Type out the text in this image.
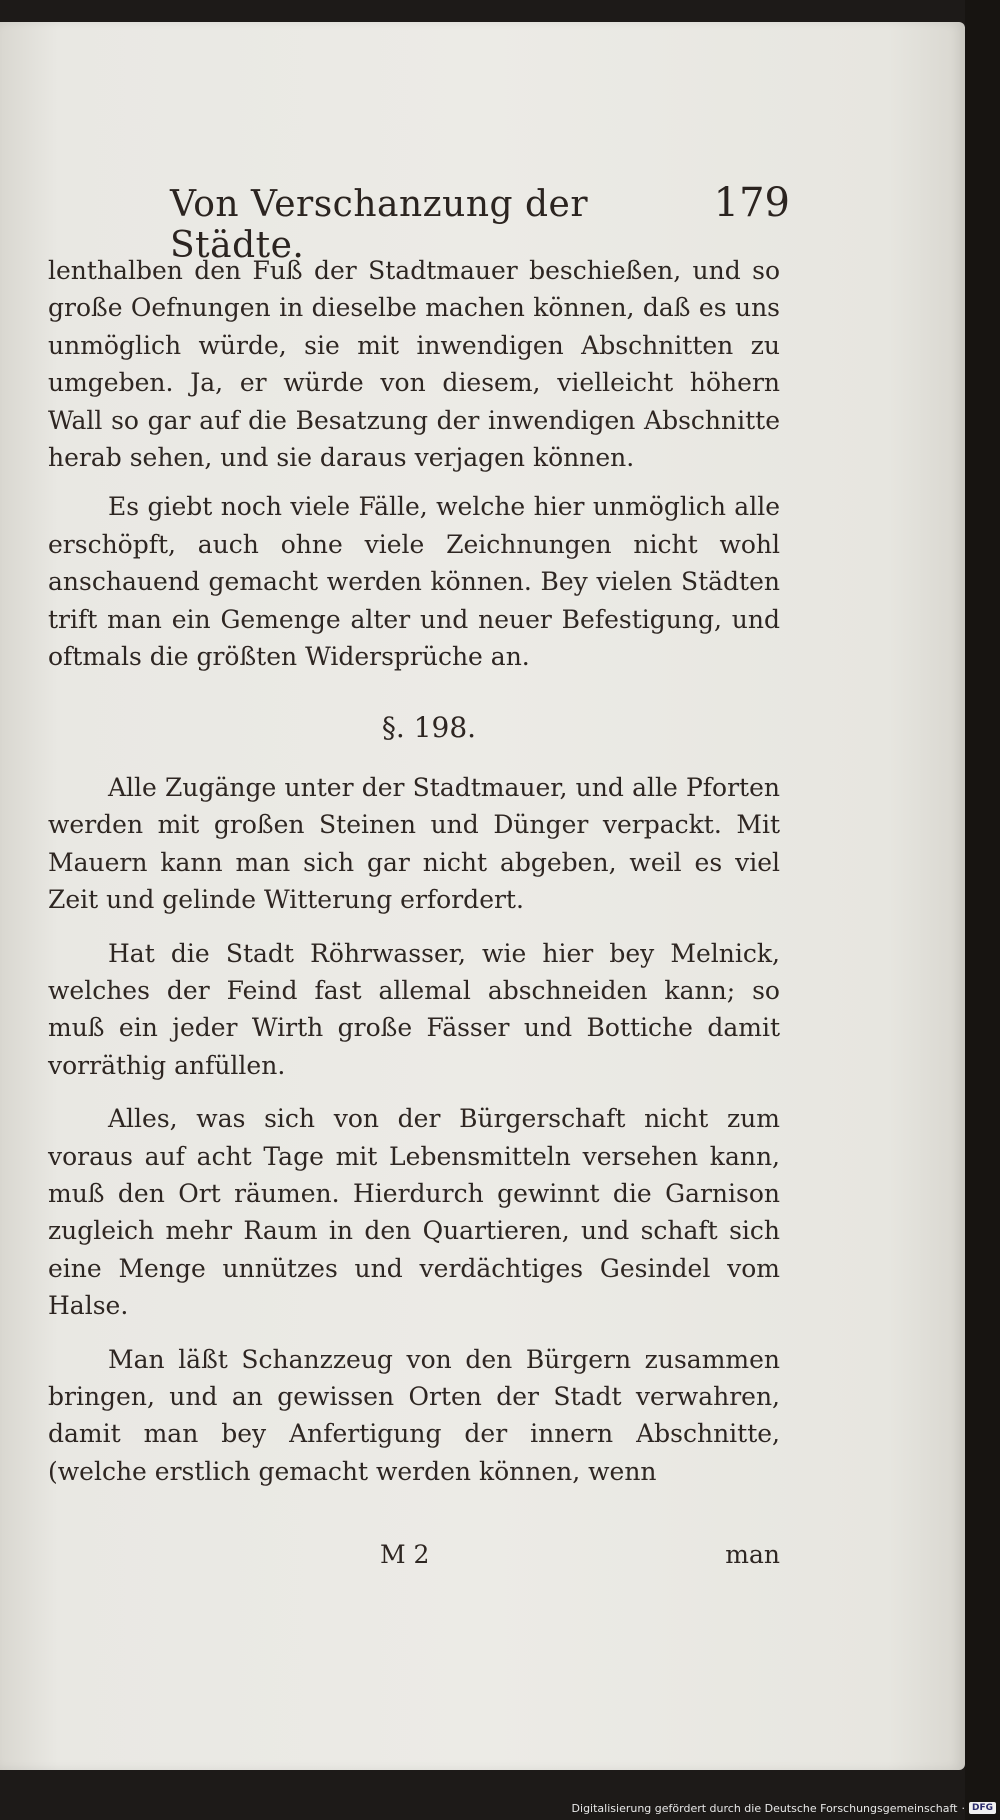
Von Verschanzung der Städte.
179

lenthalben den Fuß der Stadtmauer beschießen, und so große Oefnungen in dieselbe machen können, daß es uns unmöglich würde, sie mit inwendigen Abschnitten zu umgeben. Ja, er würde von diesem, vielleicht höhern Wall so gar auf die Besatzung der inwendigen Abschnitte herab sehen, und sie daraus verjagen können.

Es giebt noch viele Fälle, welche hier unmöglich alle erschöpft, auch ohne viele Zeichnungen nicht wohl anschauend gemacht werden können. Bey vielen Städten trift man ein Gemenge alter und neuer Befestigung, und oftmals die größten Widersprüche an.

§. 198.

Alle Zugänge unter der Stadtmauer, und alle Pforten werden mit großen Steinen und Dünger verpackt. Mit Mauern kann man sich gar nicht abgeben, weil es viel Zeit und gelinde Witterung erfordert.

Hat die Stadt Röhrwasser, wie hier bey Melnick, welches der Feind fast allemal abschneiden kann; so muß ein jeder Wirth große Fässer und Bottiche damit vorräthig anfüllen.

Alles, was sich von der Bürgerschaft nicht zum voraus auf acht Tage mit Lebensmitteln versehen kann, muß den Ort räumen. Hierdurch gewinnt die Garnison zugleich mehr Raum in den Quartieren, und schaft sich eine Menge unnützes und verdächtiges Gesindel vom Halse.

Man läßt Schanzzeug von den Bürgern zusammen bringen, und an gewissen Orten der Stadt verwahren, damit man bey Anfertigung der innern Abschnitte, (welche erstlich gemacht werden können, wenn

M 2	man
Digitalisierung gefördert durch die Deutsche Forschungsgemeinschaft · DFG
